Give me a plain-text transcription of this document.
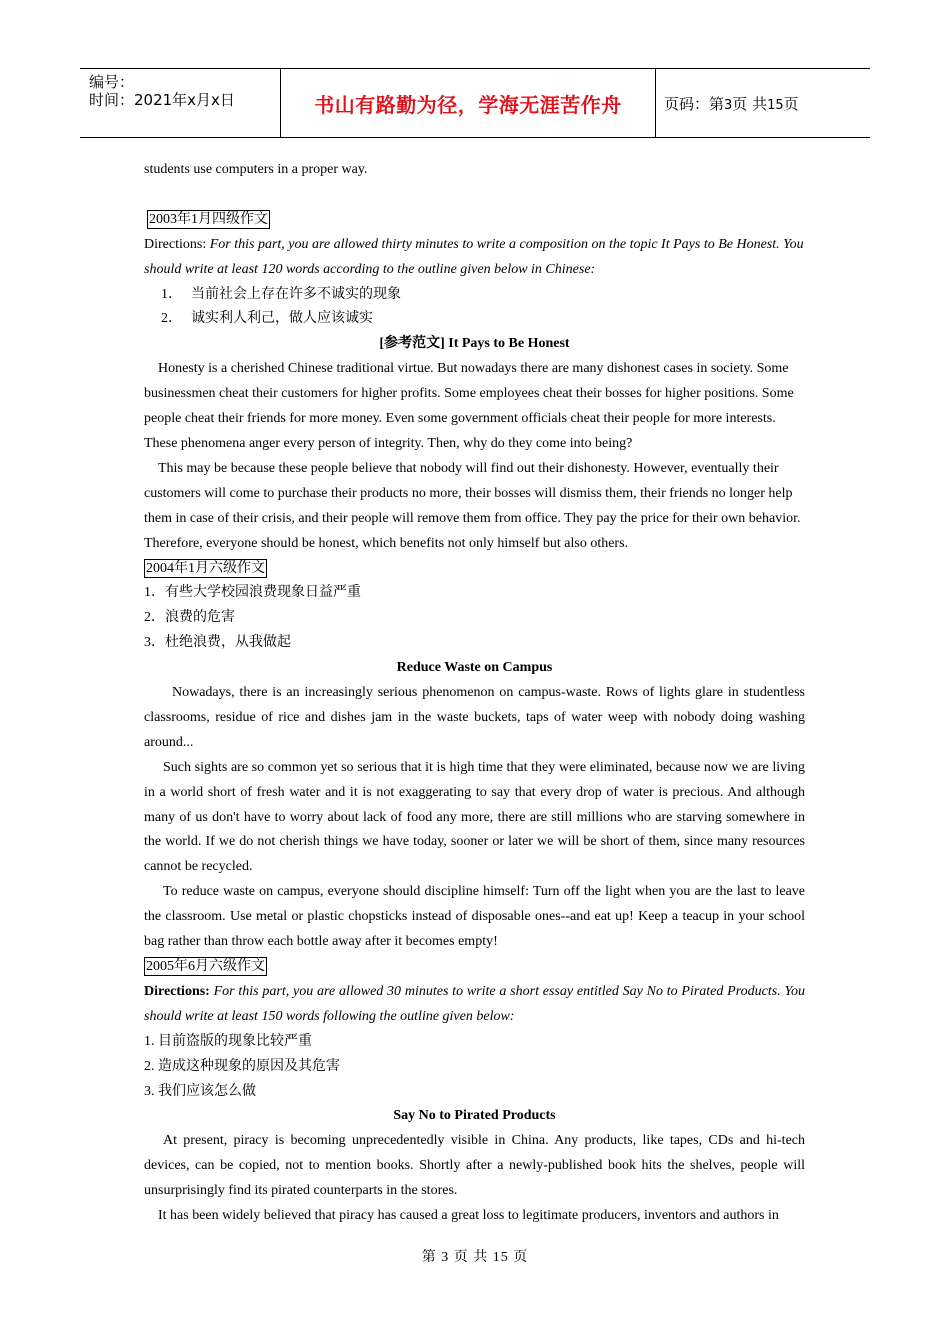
编号：
时间：2021年x月x日	书山有路勤为径，学海无涯苦作舟	页码：第3页 共15页

students use computers in a proper way.

2003年1月四级作文

Directions: For this part, you are allowed thirty minutes to write a composition on the topic It Pays to Be Honest. You should write at least 120 words according to the outline given below in Chinese:

1． 当前社会上存在许多不诚实的现象

2． 诚实利人利己，做人应该诚实

[参考范文] It Pays to Be Honest

Honesty is a cherished Chinese traditional virtue. But nowadays there are many dishonest cases in society. Some businessmen cheat their customers for higher profits. Some employees cheat their bosses for higher positions. Some people cheat their friends for more money. Even some government officials cheat their people for more interests. These phenomena anger every person of integrity. Then, why do they come into being?

This may be because these people believe that nobody will find out their dishonesty. However, eventually their customers will come to purchase their products no more, their bosses will dismiss them, their friends no longer help them in case of their crisis, and their people will remove them from office. They pay the price for their own behavior. Therefore, everyone should be honest, which benefits not only himself but also others.

2004年1月六级作文

1．有些大学校园浪费现象日益严重

2．浪费的危害

3．杜绝浪费，从我做起

Reduce Waste on Campus

Nowadays, there is an increasingly serious phenomenon on campus-waste. Rows of lights glare in studentless classrooms, residue of rice and dishes jam in the waste buckets, taps of water weep with nobody doing washing around...

Such sights are so common yet so serious that it is high time that they were eliminated, because now we are living in a world short of fresh water and it is not exaggerating to say that every drop of water is precious. And although many of us don't have to worry about lack of food any more, there are still millions who are starving somewhere in the world. If we do not cherish things we have today, sooner or later we will be short of them, since many resources cannot be recycled.

To reduce waste on campus, everyone should discipline himself: Turn off the light when you are the last to leave the classroom. Use metal or plastic chopsticks instead of disposable ones--and eat up! Keep a teacup in your school bag rather than throw each bottle away after it becomes empty!

2005年6月六级作文

Directions: For this part, you are allowed 30 minutes to write a short essay entitled Say No to Pirated Products. You should write at least 150 words following the outline given below:

1. 目前盗版的现象比较严重

2. 造成这种现象的原因及其危害

3. 我们应该怎么做

Say No to Pirated Products

At present, piracy is becoming unprecedentedly visible in China. Any products, like tapes, CDs and hi-tech devices, can be copied, not to mention books. Shortly after a newly-published book hits the shelves, people will unsurprisingly find its pirated counterparts in the stores.

It has been widely believed that piracy has caused a great loss to legitimate producers, inventors and authors in

第 3 页 共 15 页
